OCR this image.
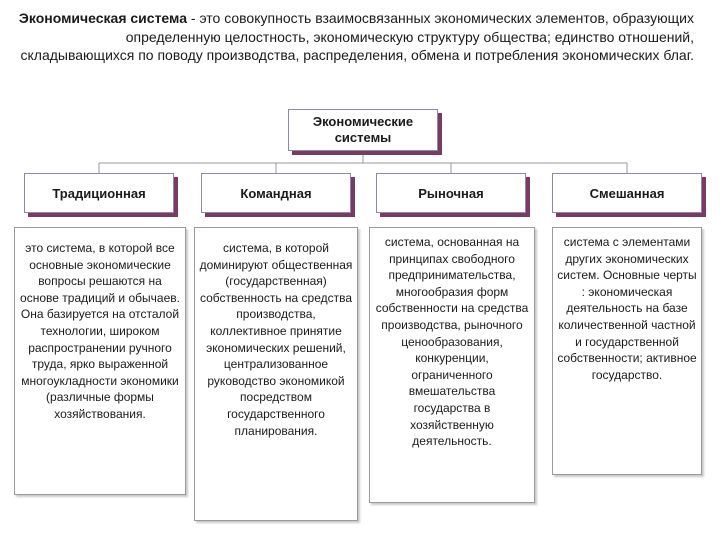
Экономическая система - это совокупность взаимосвязанных экономических элементов, образующих определенную целостность, экономическую структуру общества; единство отношений, складывающихся по поводу производства, распределения, обмена и потребления экономических благ.

Экономические системы
Традиционная	Командная	Рыночная	Смешанная
это система, в которой все основные экономические вопросы решаются на основе традиций и обычаев. Она базируется на отсталой технологии, широком распространении ручного труда, ярко выраженной многоукладности экономики (различные формы хозяйствования.
система, в которой доминируют общественная (государственная) собственность на средства производства, коллективное принятие экономических решений, централизованное руководство экономикой посредством государственного планирования.
система, основанная на принципах свободного предпринимательства, многообразия форм собственности на средства производства, рыночного ценообразования, конкуренции, ограниченного вмешательства государства в хозяйственную деятельность.
система с элементами других экономических систем. Основные черты : экономическая деятельность на базе количественной частной и государственной собственности; активное государство.
